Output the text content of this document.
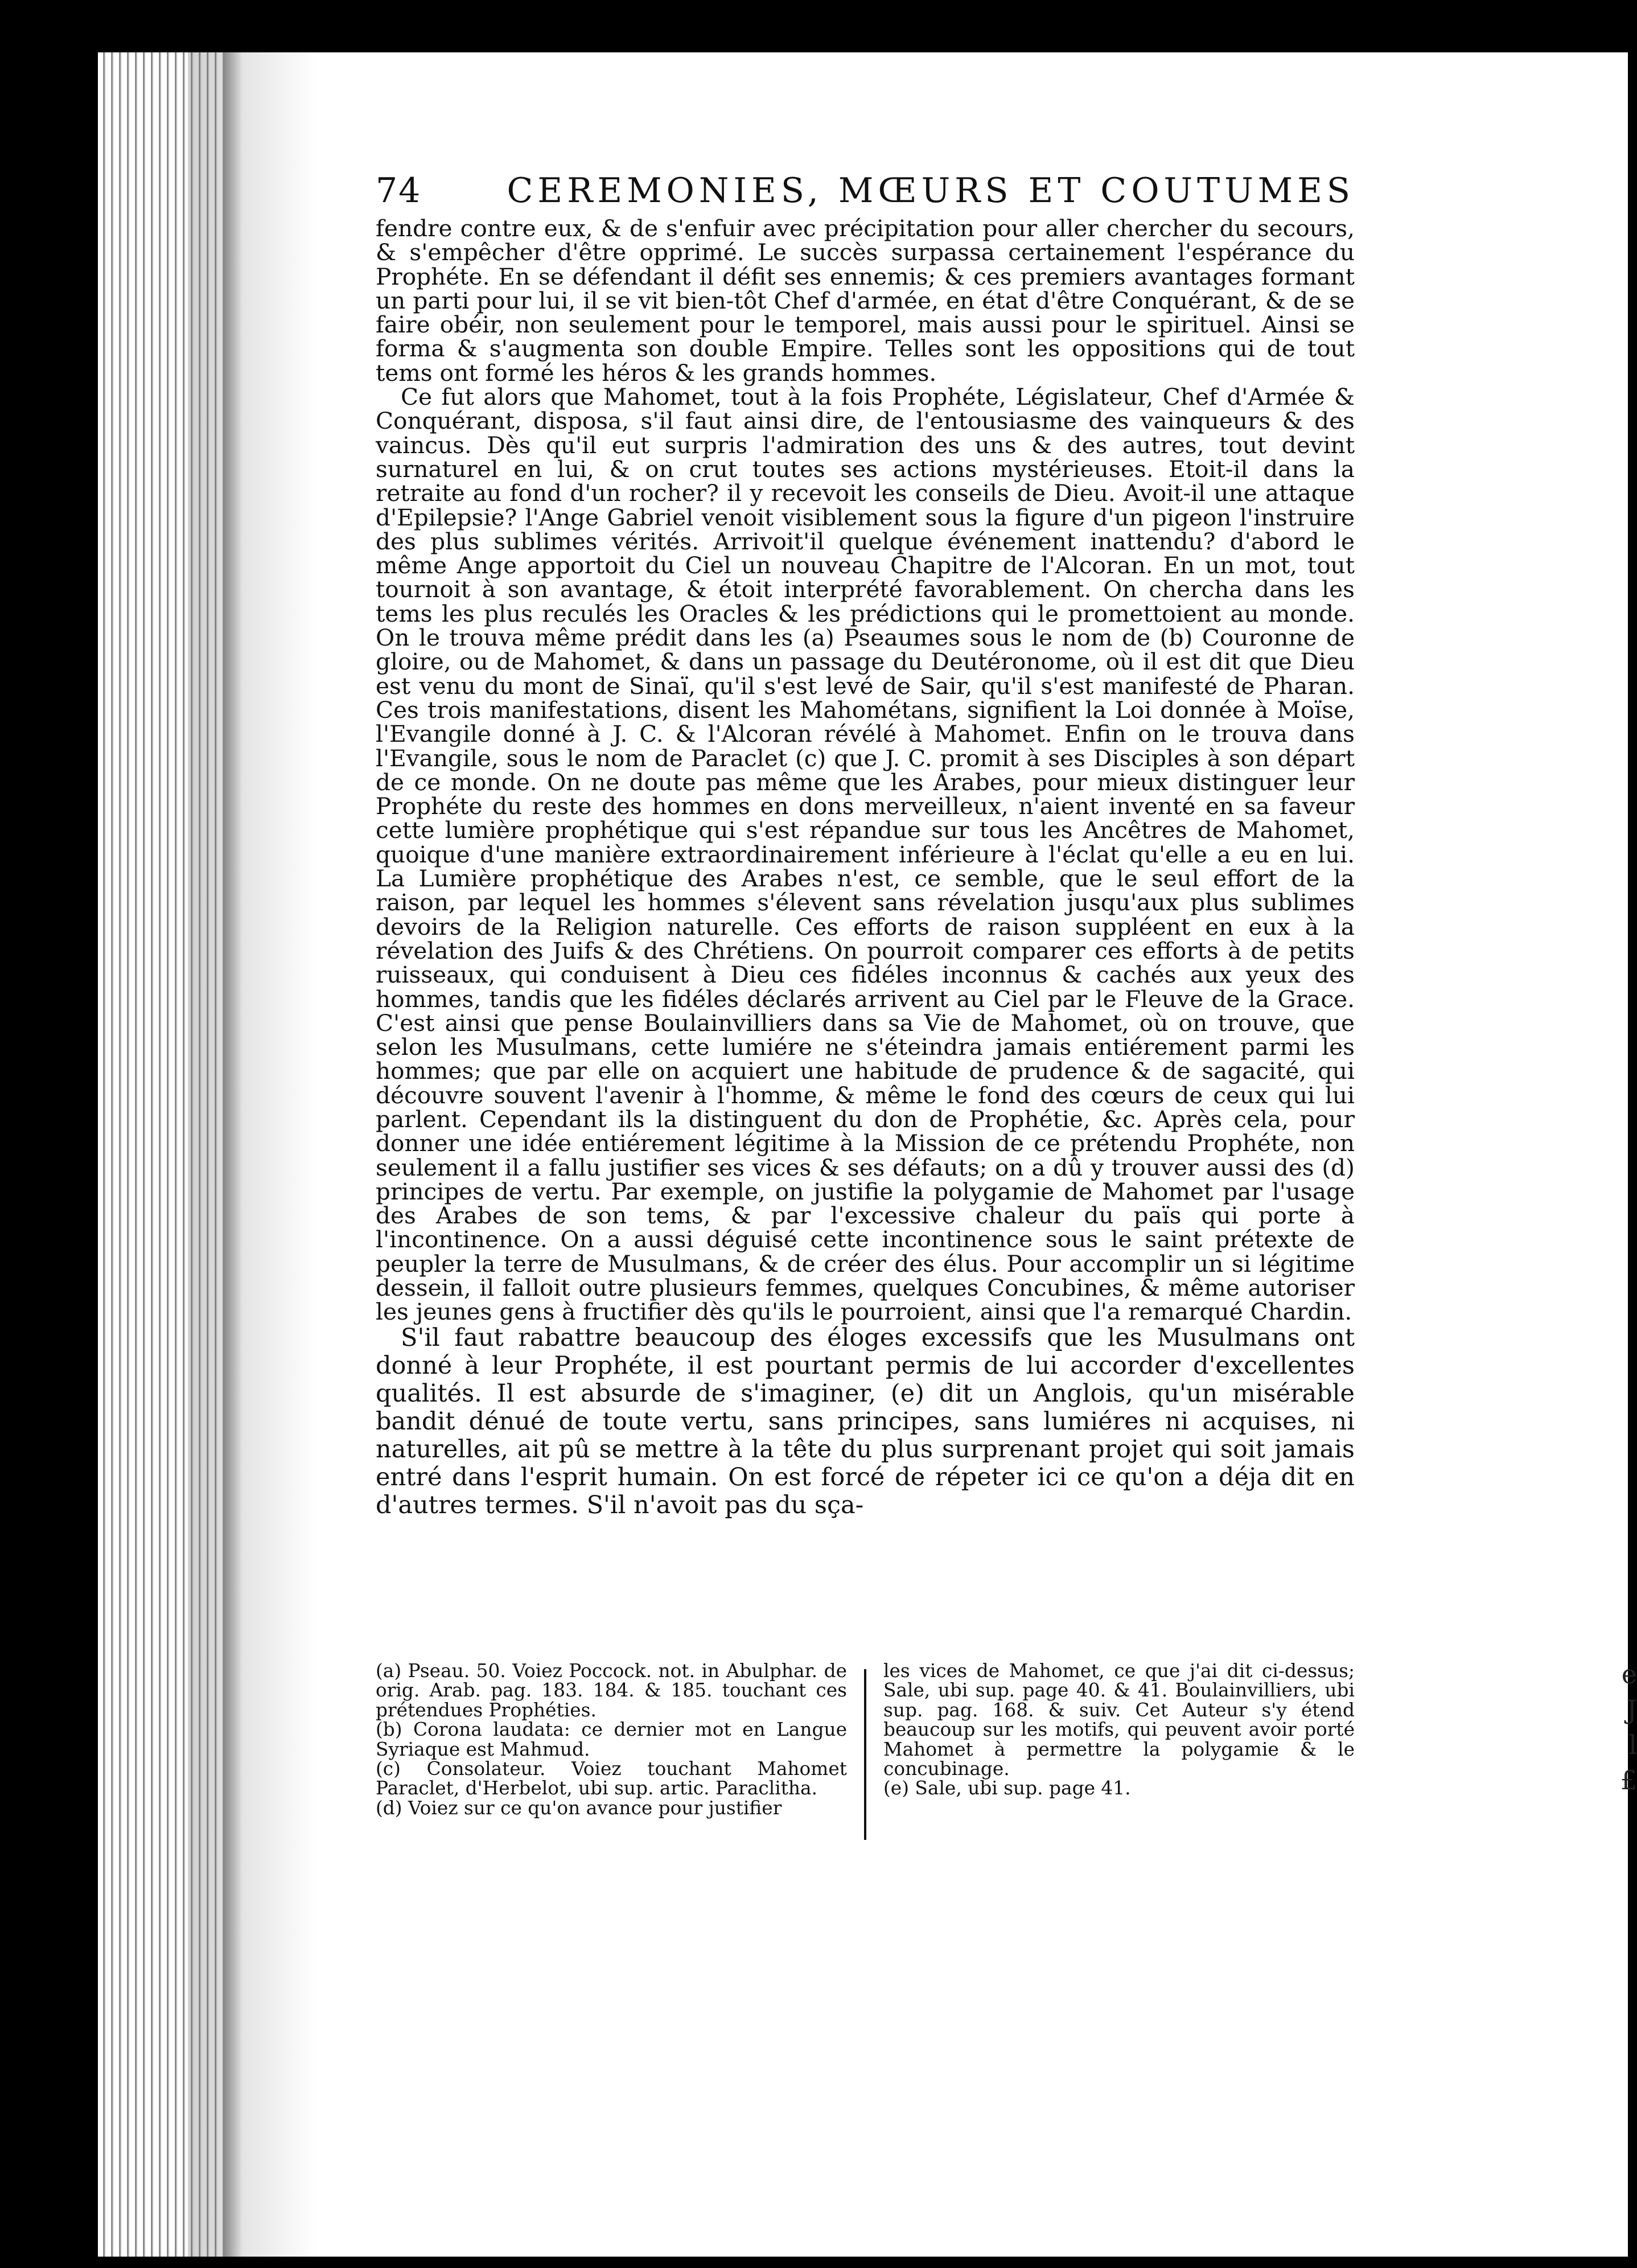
74	CEREMONIES, MŒURS ET COUTUMES

fendre contre eux, & de s'enfuir avec précipitation pour aller chercher du secours, & s'empêcher d'être opprimé. Le succès surpassa certainement l'espérance du Prophéte. En se défendant il défit ses ennemis; & ces premiers avantages formant un parti pour lui, il se vit bien-tôt Chef d'armée, en état d'être Conquérant, & de se faire obéir, non seulement pour le temporel, mais aussi pour le spirituel. Ainsi se forma & s'augmenta son double Empire. Telles sont les oppositions qui de tout tems ont formé les héros & les grands hommes.

Ce fut alors que Mahomet, tout à la fois Prophéte, Législateur, Chef d'Armée & Conquérant, disposa, s'il faut ainsi dire, de l'entousiasme des vainqueurs & des vaincus. Dès qu'il eut surpris l'admiration des uns & des autres, tout devint surnaturel en lui, & on crut toutes ses actions mystérieuses. Etoit-il dans la retraite au fond d'un rocher? il y recevoit les conseils de Dieu. Avoit-il une attaque d'Epilepsie? l'Ange Gabriel venoit visiblement sous la figure d'un pigeon l'instruire des plus sublimes vérités. Arrivoit'il quelque événement inattendu? d'abord le même Ange apportoit du Ciel un nouveau Chapitre de l'Alcoran. En un mot, tout tournoit à son avantage, & étoit interprété favorablement. On chercha dans les tems les plus reculés les Oracles & les prédictions qui le promettoient au monde. On le trouva même prédit dans les (a) Pseaumes sous le nom de (b) Couronne de gloire, ou de Mahomet, & dans un passage du Deutéronome, où il est dit que Dieu est venu du mont de Sinaï, qu'il s'est levé de Sair, qu'il s'est manifesté de Pharan. Ces trois manifestations, disent les Mahométans, signifient la Loi donnée à Moïse, l'Evangile donné à J. C. & l'Alcoran révélé à Mahomet. Enfin on le trouva dans l'Evangile, sous le nom de Paraclet (c) que J. C. promit à ses Disciples à son départ de ce monde. On ne doute pas même que les Arabes, pour mieux distinguer leur Prophéte du reste des hommes en dons merveilleux, n'aient inventé en sa faveur cette lumière prophétique qui s'est répandue sur tous les Ancêtres de Mahomet, quoique d'une manière extraordinairement inférieure à l'éclat qu'elle a eu en lui. La Lumière prophétique des Arabes n'est, ce semble, que le seul effort de la raison, par lequel les hommes s'élevent sans révelation jusqu'aux plus sublimes devoirs de la Religion naturelle. Ces efforts de raison suppléent en eux à la révelation des Juifs & des Chrétiens. On pourroit comparer ces efforts à de petits ruisseaux, qui conduisent à Dieu ces fidéles inconnus & cachés aux yeux des hommes, tandis que les fidéles déclarés arrivent au Ciel par le Fleuve de la Grace. C'est ainsi que pense Boulainvilliers dans sa Vie de Mahomet, où on trouve, que selon les Musulmans, cette lumiére ne s'éteindra jamais entiérement parmi les hommes; que par elle on acquiert une habitude de prudence & de sagacité, qui découvre souvent l'avenir à l'homme, & même le fond des cœurs de ceux qui lui parlent. Cependant ils la distinguent du don de Prophétie, &c. Après cela, pour donner une idée entiérement légitime à la Mission de ce prétendu Prophéte, non seulement il a fallu justifier ses vices & ses défauts; on a dû y trouver aussi des (d) principes de vertu. Par exemple, on justifie la polygamie de Mahomet par l'usage des Arabes de son tems, & par l'excessive chaleur du païs qui porte à l'incontinence. On a aussi déguisé cette incontinence sous le saint prétexte de peupler la terre de Musulmans, & de créer des élus. Pour accomplir un si légitime dessein, il falloit outre plusieurs femmes, quelques Concubines, & même autoriser les jeunes gens à fructifier dès qu'ils le pourroient, ainsi que l'a remarqué Chardin.

S'il faut rabattre beaucoup des éloges excessifs que les Musulmans ont donné à leur Prophéte, il est pourtant permis de lui accorder d'excellentes qualités. Il est absurde de s'imaginer, (e) dit un Anglois, qu'un misérable bandit dénué de toute vertu, sans principes, sans lumiéres ni acquises, ni naturelles, ait pû se mettre à la tête du plus surprenant projet qui soit jamais entré dans l'esprit humain. On est forcé de répeter ici ce qu'on a déja dit en d'autres termes. S'il n'avoit pas du sça-

(a) Pseau. 50. Voiez Poccock. not. in Abulphar. de orig. Arab. pag. 183. 184. & 185. touchant ces prétendues Prophéties.

(b) Corona laudata: ce dernier mot en Langue Syriaque est Mahmud.

(c) Consolateur. Voiez touchant Mahomet Paraclet, d'Herbelot, ubi sup. artic. Paraclitha.

(d) Voiez sur ce qu'on avance pour justifier

les vices de Mahomet, ce que j'ai dit ci-dessus; Sale, ubi sup. page 40. & 41. Boulainvilliers, ubi sup. pag. 168. & suiv. Cet Auteur s'y étend beaucoup sur les motifs, qui peuvent avoir porté Mahomet à permettre la polygamie & le concubinage.

(e) Sale, ubi sup. page 41.

e
J
l
£
